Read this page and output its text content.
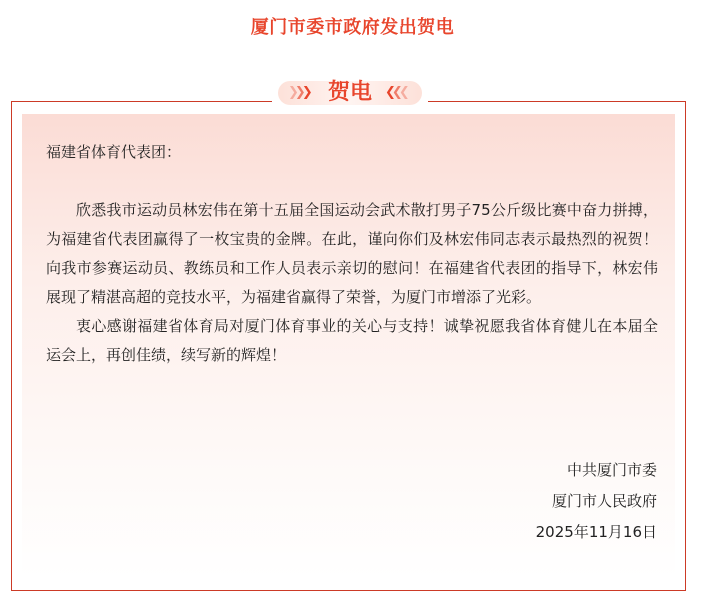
厦门市委市政府发出贺电
❯❯❯	❮❮❮
贺电

福建省体育代表团：

欣悉我市运动员林宏伟在第十五届全国运动会武术散打男子75公斤级比赛中奋力拼搏，为福建省代表团赢得了一枚宝贵的金牌。在此，谨向你们及林宏伟同志表示最热烈的祝贺！向我市参赛运动员、教练员和工作人员表示亲切的慰问！在福建省代表团的指导下，林宏伟展现了精湛高超的竞技水平，为福建省赢得了荣誉，为厦门市增添了光彩。

衷心感谢福建省体育局对厦门体育事业的关心与支持！诚挚祝愿我省体育健儿在本届全运会上，再创佳绩，续写新的辉煌！

中共厦门市委
厦门市人民政府
2025年11月16日
